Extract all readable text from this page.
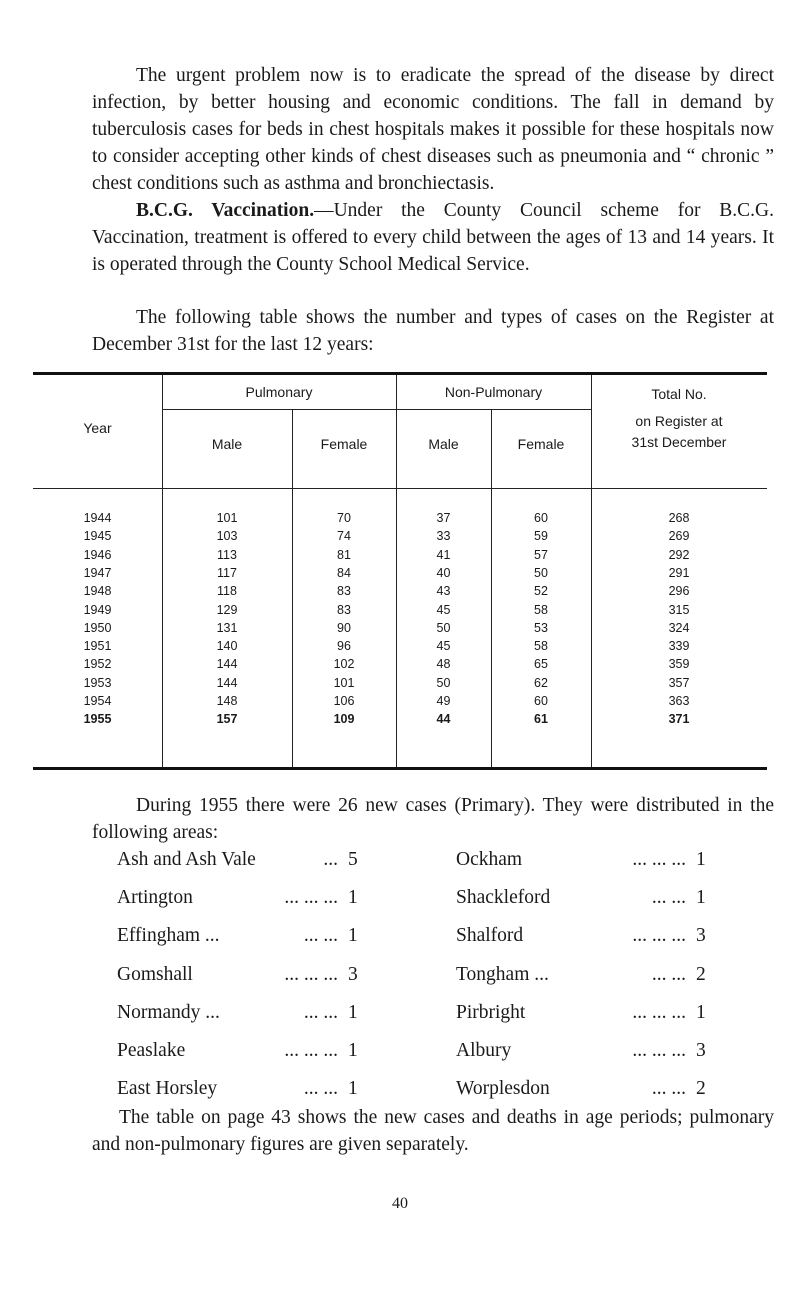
The urgent problem now is to eradicate the spread of the disease by direct infection, by better housing and economic conditions. The fall in demand by tuberculosis cases for beds in chest hospitals makes it possible for these hospitals now to consider accepting other kinds of chest diseases such as pneumonia and “ chronic ” chest conditions such as asthma and bronchiectasis.

B.C.G. Vaccination.—Under the County Council scheme for B.C.G. Vaccination, treatment is offered to every child between the ages of 13 and 14 years. It is operated through the County School Medical Service.

The following table shows the number and types of cases on the Register at December 31st for the last 12 years:

Year
Pulmonary	Non-Pulmonary	Total No.
on Register at
31st December
Male	Female	Male	Female
1944	101	70	37	60	268
1945	103	74	33	59	269
1946	113	81	41	57	292
1947	117	84	40	50	291
1948	118	83	43	52	296
1949	129	83	45	58	315
1950	131	90	50	53	324
1951	140	96	45	58	339
1952	144	102	48	65	359
1953	144	101	50	62	357
1954	148	106	49	60	363
1955	157	109	44	61	371

During 1955 there were 26 new cases (Primary). They were distributed in the following areas:

Ash and Ash Vale	... 5
Artington	... ... ... 1
Effingham ...	... ... 1
Gomshall	... ... ... 3
Normandy ...	... ... 1
Peaslake	... ... ... 1
East Horsley	... ... 1
Ockham	... ... ... 1
Shackleford	... ... 1
Shalford	... ... ... 3
Tongham ...	... ... 2
Pirbright	... ... ... 1
Albury	... ... ... 3
Worplesdon	... ... 2

The table on page 43 shows the new cases and deaths in age periods; pulmonary and non-pulmonary figures are given separately.

40
